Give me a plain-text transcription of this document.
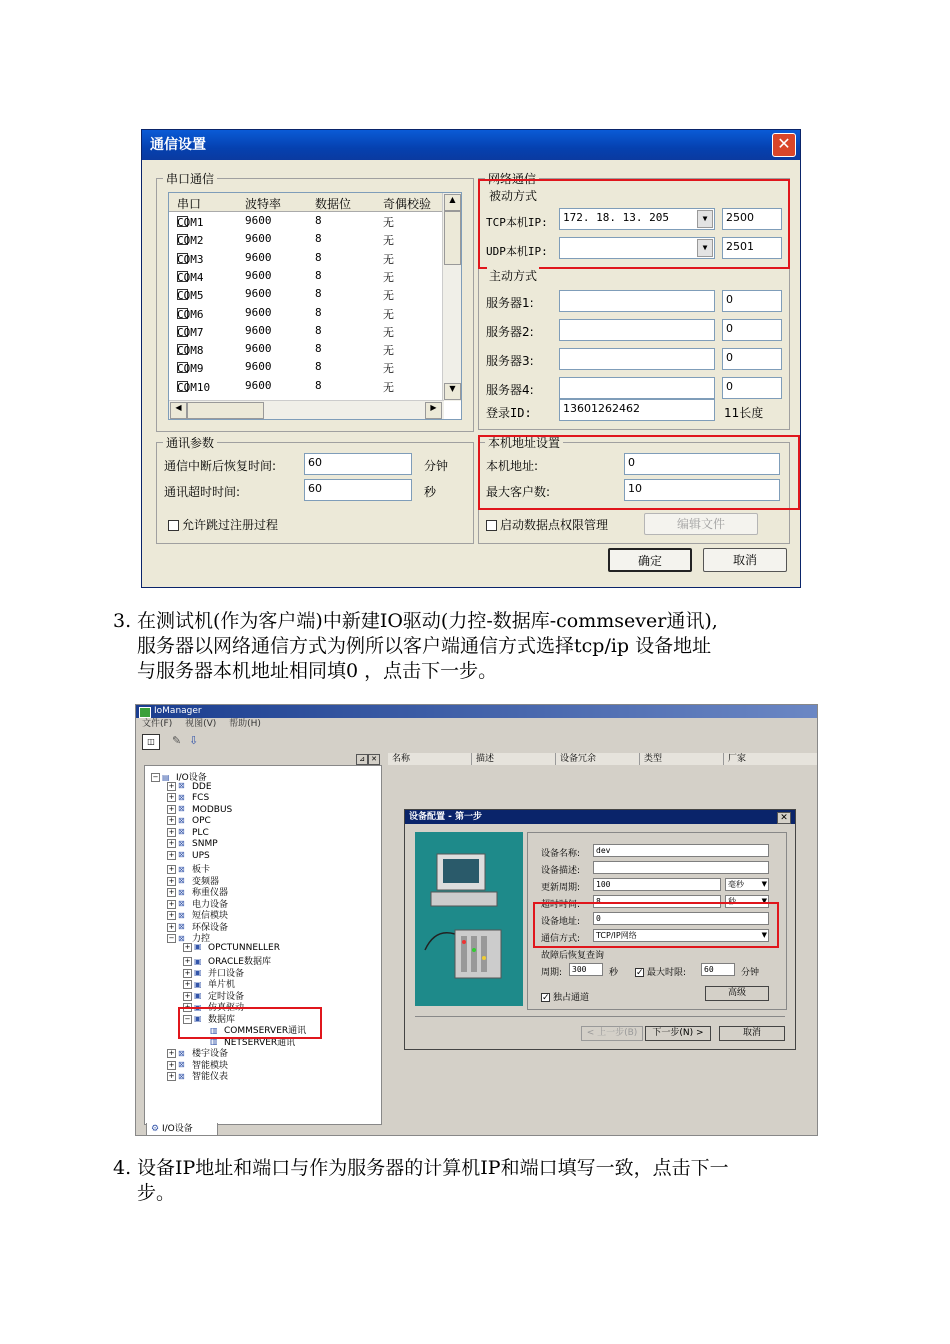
通信设置	✕
串口通信
串口	波特率	数据位	奇偶校验
COM1	9600	8	无
COM2	9600	8	无
COM3	9600	8	无
COM4	9600	8	无
COM5	9600	8	无
COM6	9600	8	无
COM7	9600	8	无
COM8	9600	8	无
COM9	9600	8	无
COM10	9600	8	无
▲
▼
◀	▶
网络通信
被动方式
TCP本机IP:	172. 18. 13. 205	▼	2500
UDP本机IP:	▼	2501
主动方式
服务器1:	0
服务器2:	0
服务器3:	0
服务器4:	0
登录ID:	13601262462	11长度
通讯参数
通信中断后恢复时间:	60	分钟
通讯超时时间:	60	秒
允许跳过注册过程
本机地址设置
本机地址:	0
最大客户数:	10
启动数据点权限管理	编辑文件
确定	取消
3. 在测试机(作为客户端)中新建IO驱动(力控-数据库-commsever通讯),
服务器以网络通信方式为例所以客户端通信方式选择tcp/ip 设备地址
与服务器本机地址相同填0 ，点击下一步。
IoManager
文件(F) 视图(V) 帮助(H)
◫	✎ ⇩
⊿ ✕	名称	描述	设备冗余	类型	厂家
− ▤ I/O设备
+ ⊠ DDE
+ ⊠ FCS
+ ⊠ MODBUS
+ ⊠ OPC
+ ⊠ PLC
+ ⊠ SNMP
+ ⊠ UPS
+ ⊠ 板卡
+ ⊠ 变频器
+ ⊠ 称重仪器
+ ⊠ 电力设备
+ ⊠ 短信模块
+ ⊠ 环保设备
− ⊠ 力控
+ ▣ OPCTUNNELLER
+ ▣ ORACLE数据库
+ ▣ 并口设备
+ ▣ 单片机
+ ▣ 定时设备
+ ▣ 仿真驱动
− ▣ 数据库
▥ COMMSERVER通讯
▥ NETSERVER通讯
+ ⊠ 楼宇设备
+ ⊠ 智能模块
+ ⊠ 智能仪表
⚙ I/O设备
设备配置 - 第一步	✕
设备名称:	dev
设备描述:
更新周期:	100	毫秒	▼
超时时间:	8	秒	▼
设备地址:	0
通信方式:	TCP/IP网络	▼
故障后恢复查询
周期:	300	秒 ✓ 最大时限:	60	分钟
✓ 独占通道	高级
< 上一步(B)	下一步(N) >	取消
4. 设备IP地址和端口与作为服务器的计算机IP和端口填写一致，点击下一
步。
